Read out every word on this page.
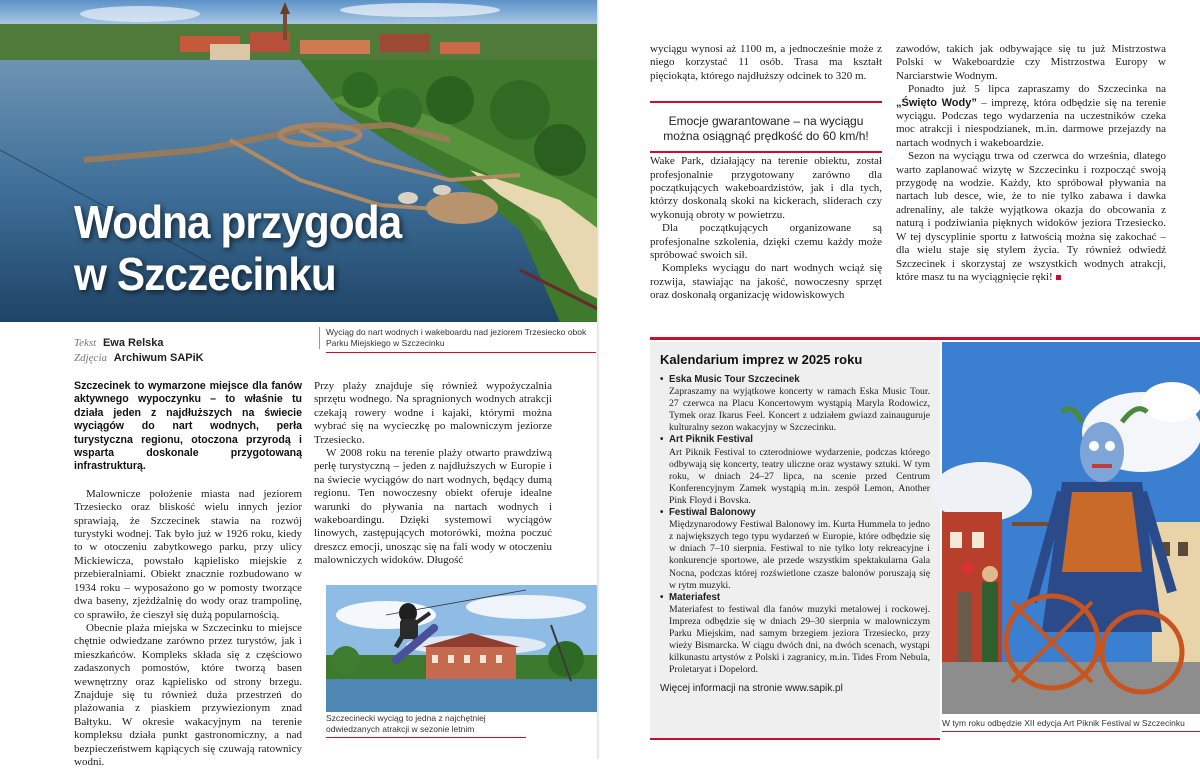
Wodna przygoda
w Szczecinku
Tekst Ewa Relska
Zdjęcia Archiwum SAPiK
Wyciąg do nart wodnych i wakeboardu nad jeziorem Trzesiecko obok Parku Miejskiego w Szczecinku

Szczecinek to wymarzone miejsce dla fanów aktywnego wypoczynku – to właśnie tu działa jeden z najdłuższych na świecie wyciągów do nart wodnych, perła turystyczna regionu, otoczona przyrodą i wsparta doskonale przygotowaną infrastrukturą.

Malownicze położenie miasta nad jeziorem Trzesiecko oraz bliskość wielu innych jezior sprawiają, że Szczecinek stawia na rozwój turystyki wodnej. Tak było już w 1926 roku, kiedy to w otoczeniu zabytkowego parku, przy ulicy Mickiewicza, powstało kąpielisko miejskie z przebieralniami. Obiekt znacznie rozbudowano w 1934 roku – wyposażono go w pomosty tworzące dwa baseny, zjeżdżalnię do wody oraz trampolinę, co sprawiło, że cieszył się dużą popularnością.

Obecnie plaża miejska w Szczecinku to miejsce chętnie odwiedzane zarówno przez turystów, jak i mieszkańców. Kompleks składa się z częściowo zadaszonych pomostów, które tworzą basen wewnętrzny oraz kąpielisko od strony brzegu. Znajduje się tu również duża przestrzeń do plażowania z piaskiem przywiezionym znad Bałtyku. W okresie wakacyjnym na terenie kompleksu działa punkt gastronomiczny, a nad bezpieczeństwem kąpiących się czuwają ratownicy wodni.

Przy plaży znajduje się również wypożyczalnia sprzętu wodnego. Na spragnionych wodnych atrakcji czekają rowery wodne i kajaki, którymi można wybrać się na wycieczkę po malowniczym jeziorze Trzesiecko.

W 2008 roku na terenie plaży otwarto prawdziwą perłę turystyczną – jeden z najdłuższych w Europie i na świecie wyciągów do nart wodnych, będący dumą regionu. Ten nowoczesny obiekt oferuje idealne warunki do pływania na nartach wodnych i wakeboardingu. Dzięki systemowi wyciągów linowych, zastępujących motorówki, można poczuć dreszcz emocji, unosząc się na fali wody w otoczeniu malowniczych widoków. Długość

Szczecinecki wyciąg to jedna z najchętniej odwiedzanych atrakcji w sezonie letnim

wyciągu wynosi aż 1100 m, a jednocześnie może z niego korzystać 11 osób. Trasa ma kształt pięciokąta, którego najdłuższy odcinek to 320 m.

Wake Park, działający na terenie obiektu, został profesjonalnie przygotowany zarówno dla początkujących wakeboardzistów, jak i dla tych, którzy doskonalą skoki na kickerach, sliderach czy wykonują obroty w powietrzu.

Dla początkujących organizowane są profesjonalne szkolenia, dzięki czemu każdy może spróbować swoich sił.

Kompleks wyciągu do nart wodnych wciąż się rozwija, stawiając na jakość, nowoczesny sprzęt oraz doskonałą organizację widowiskowych

Emocje gwarantowane – na wyciągu można osiągnąć prędkość do 60 km/h!

zawodów, takich jak odbywające się tu już Mistrzostwa Polski w Wakeboardzie czy Mistrzostwa Europy w Narciarstwie Wodnym.

Ponadto już 5 lipca zapraszamy do Szczecinka na „Święto Wody” – imprezę, która odbędzie się na terenie wyciągu. Podczas tego wydarzenia na uczestników czeka moc atrakcji i niespodzianek, m.in. darmowe przejazdy na nartach wodnych i wakeboardzie.

Sezon na wyciągu trwa od czerwca do września, dlatego warto zaplanować wizytę w Szczecinku i rozpocząć swoją przygodę na wodzie. Każdy, kto spróbował pływania na nartach lub desce, wie, że to nie tylko zabawa i dawka adrenaliny, ale także wyjątkowa okazja do obcowania z naturą i podziwiania pięknych widoków jeziora Trzesiecko. W tej dyscyplinie sportu z łatwością można się zakochać – dla wielu staje się stylem życia. Ty również odwiedź Szczecinek i skorzystaj ze wszystkich wodnych atrakcji, które masz tu na wyciągnięcie ręki!

Kalendarium imprez w 2025 roku
• Eska Music Tour Szczecinek
Zapraszamy na wyjątkowe koncerty w ramach Eska Music Tour. 27 czerwca na Placu Koncertowym wystąpią Maryla Rodowicz, Tymek oraz Ikarus Feel. Koncert z udziałem gwiazd zainauguruje kulturalny sezon wakacyjny w Szczecinku.
• Art Piknik Festival
Art Piknik Festival to czterodniowe wydarzenie, podczas którego odbywają się koncerty, teatry uliczne oraz wystawy sztuki. W tym roku, w dniach 24–27 lipca, na scenie przed Centrum Konferencyjnym Zamek wystąpią m.in. zespół Lemon, Another Pink Floyd i Bovska.
• Festiwal Balonowy
Międzynarodowy Festiwal Balonowy im. Kurta Hummela to jedno z największych tego typu wydarzeń w Europie, które odbędzie się w dniach 7–10 sierpnia. Festiwal to nie tylko loty rekreacyjne i konkurencje sportowe, ale przede wszystkim spektakularna Gala Nocna, podczas której rozświetlone czasze balonów poruszają się w rytm muzyki.
• Materiafest
Materiafest to festiwal dla fanów muzyki metalowej i rockowej. Impreza odbędzie się w dniach 29–30 sierpnia w malowniczym Parku Miejskim, nad samym brzegiem jeziora Trzesiecko, przy wieży Bismarcka. W ciągu dwóch dni, na dwóch scenach, wystąpi kilkunastu artystów z Polski i zagranicy, m.in. Tides From Nebula, Proletaryat i Dopelord.
Więcej informacji na stronie www.sapik.pl
W tym roku odbędzie XII edycja Art Piknik Festival w Szczecinku
